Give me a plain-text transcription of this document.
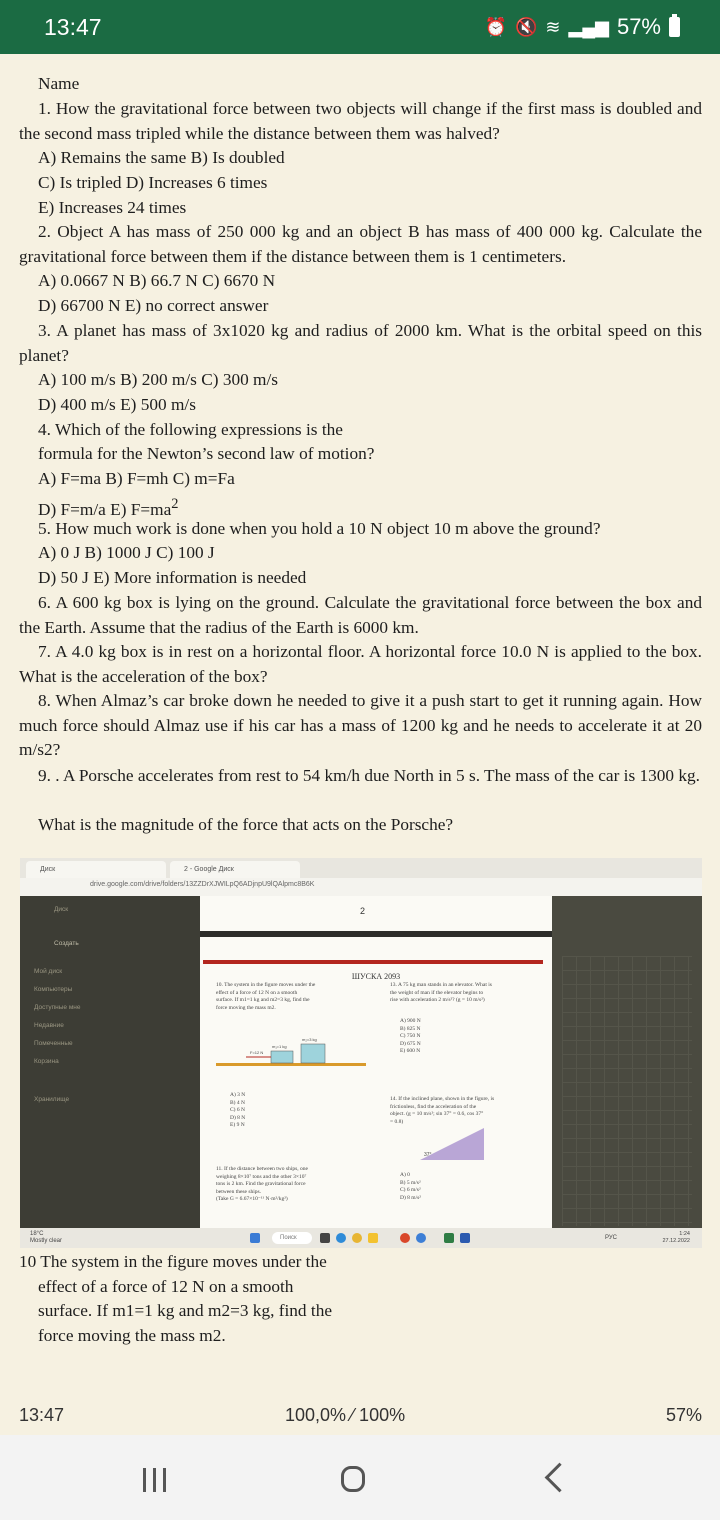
13:47	⏰ 🔇 ≋ ▂▄▆ 57%

Name

1. How the gravitational force between two objects will change if the first mass is doubled and the second mass tripled while the distance between them was halved?

A) Remains the same B) Is doubled

C) Is tripled D) Increases 6 times

E) Increases 24 times

2. Object A has mass of 250 000 kg and an object B has mass of 400 000 kg. Calculate the gravitational force between them if the distance between them is 1 centimeters.

A) 0.0667 N B) 66.7 N C) 6670 N

D) 66700 N E) no correct answer

3. A planet has mass of 3x1020 kg and radius of 2000 km. What is the orbital speed on this planet?

A) 100 m/s B) 200 m/s C) 300 m/s

D) 400 m/s E) 500 m/s

4. Which of the following expressions is the

formula for the Newton’s second law of motion?

A) F=ma B) F=mh C) m=Fa

D) F=m/a E) $F=ma^2$

5. How much work is done when you hold a 10 N object 10 m above the ground?

A) 0 J B) 1000 J C) 100 J

D) 50 J E) More information is needed

6. A 600 kg box is lying on the ground. Calculate the gravitational force between the box and the Earth. Assume that the radius of the Earth is 6000 km.

7. A 4.0 kg box is in rest on a horizontal floor. A horizontal force 10.0 N is applied to the box. What is the acceleration of the box?

8. When Almaz’s car broke down he needed to give it a push start to get it running again. How much force should Almaz use if his car has a mass of 1200 kg and he needs to accelerate it at 20 m/s2?

9. . A Porsche accelerates from rest to 54 km/h due North in 5 s. The mass of the car is 1300 kg.

What is the magnitude of the force that acts on the Porsche?

Диск	2 - Google Диск
drive.google.com/drive/folders/13ZZDrXJWILpQ6ADjnpU9lQAlpmc8B6K
Диск
Создать
Мой диск
Компьютеры
Доступные мне
Недавние
Помеченные
Корзина
Хранилище
ШУСКА 2093
10. The system in the figure moves under the
effect of a force of 12 N on a smooth
surface. If m1=1 kg and m2=3 kg, find the
force moving the mass m2.
F=12 N
m₁=1 kg
m₂=3 kg
A) 3 N
B) 4 N
C) 6 N
D) 8 N
E) 9 N
11. If the distance between two ships, one
weighing 8×10⁷ tons and the other 3×10⁷
tons is 2 km. Find the gravitational force
between these ships.
(Take G = 6.67×10⁻¹¹ N·m²/kg²)
13. A 75 kg man stands in an elevator. What is
the weight of man if the elevator begins to
rise with acceleration 2 m/s²? (g = 10 m/s²)
A) 900 N
B) 825 N
C) 750 N
D) 675 N
E) 600 N
14. If the inclined plane, shown in the figure, is
frictionless, find the acceleration of the
object. (g = 10 m/s²; sin 37° = 0.6, cos 37°
= 0.8)
37°
A) 0
B) 5 m/s²
C) 6 m/s²
D) 8 m/s²
2
18°C
Mostly clear	Поиск	РУС
1:24
27.12.2022
10 The system in the figure moves under the
effect of a force of 12 N on a smooth
surface. If m1=1 kg and m2=3 kg, find the
force moving the mass m2.
13:47	100,0% ⁄ 100%	57%
